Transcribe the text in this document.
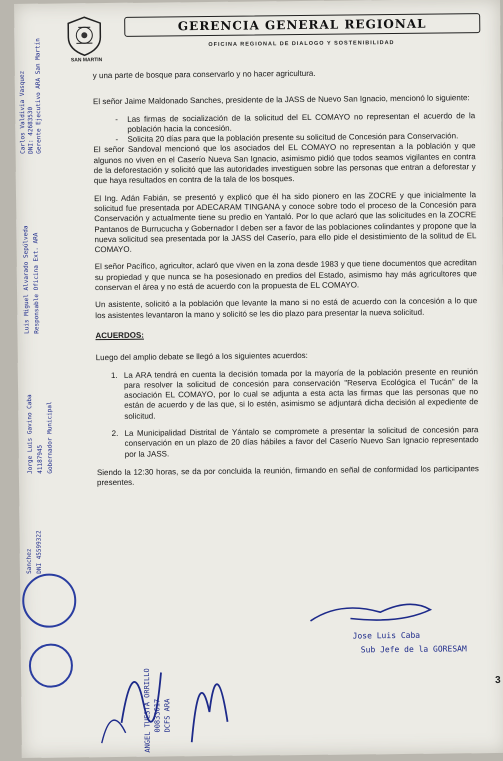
SAN MARTIN
GERENCIA GENERAL REGIONAL
OFICINA REGIONAL DE DIALOGO Y SOSTENIBILIDAD

y una parte de bosque para conservarlo y no hacer agricultura.

El señor Jaime Maldonado Sanches, presidente de la JASS de Nuevo San Ignacio, mencionó lo siguiente:

- Las firmas de socialización de la solicitud del EL COMAYO no representan el acuerdo de la población hacia la concesión.
- Solicita 20 días para que la población presente su solicitud de Concesión para Conservación.

El señor Sandoval mencionó que los asociados del EL COMAYO no representan a la población y que algunos no viven en el Caserío Nueva San Ignacio, asimismo pidió que todos seamos vigilantes en contra de la deforestación y solicitó que las autoridades investiguen sobre las personas que entran a deforestar y que haya resultados en contra de la tala de los bosques.

El Ing. Adán Fabián, se presentó y explicó que él ha sido pionero en las ZOCRE y que inicialmente la solicitud fue presentada por ADECARAM TINGANA y conoce sobre todo el proceso de la Concesión para Conservación y actualmente tiene su predio en Yantaló. Por lo que aclaró que las solicitudes en la ZOCRE Pantanos de Burrucucha y Gobernador I deben ser a favor de las poblaciones colindantes y propone que la nueva solicitud sea presentada por la JASS del Caserío, para ello pide el desistimiento de la solitud de EL COMAYO.

El señor Pacífico, agricultor, aclaró que viven en la zona desde 1983 y que tiene documentos que acreditan su propiedad y que nunca se ha posesionado en predios del Estado, asimismo hay más agricultores que conservan el área y no está de acuerdo con la propuesta de EL COMAYO.

Un asistente, solicitó a la población que levante la mano si no está de acuerdo con la concesión a lo que los asistentes levantaron la mano y solicitó se les dio plazo para presentar la nueva solicitud.

ACUERDOS:

Luego del amplio debate se llegó a los siguientes acuerdos:

1. La ARA tendrá en cuenta la decisión tomada por la mayoría de la población presente en reunión para resolver la solicitud de concesión para conservación "Reserva Ecológica el Tucán" de la asociación EL COMAYO, por lo cual se adjunta a esta acta las firmas que las personas que no están de acuerdo y de las que, si lo estén, asimismo se adjuntará dicha decisión al expediente de solicitud.
2. La Municipalidad Distrital de Yántalo se compromete a presentar la solicitud de concesión para conservación en un plazo de 20 días hábiles a favor del Caserío Nuevo San Ignacio representado por la JASS.

Siendo la 12:30 horas, se da por concluida la reunión, firmando en señal de conformidad los participantes presentes.

Carlos Valdivia Vasquez DNI: 42683530 Gerente Ejecutivo ARA San Martín
Luis Miguel Alvarado Sepúlveda Responsable Oficina Ext. ARA
Jorge Luis Gavino Caba 41187945 Gobernador Municipal
Sanchez DNI 45599322
ANGEL TUESTA ORRILLO 00833617 DCFS ARA
Jose Luis Caba
Sub Jefe de la GORESAM
3
